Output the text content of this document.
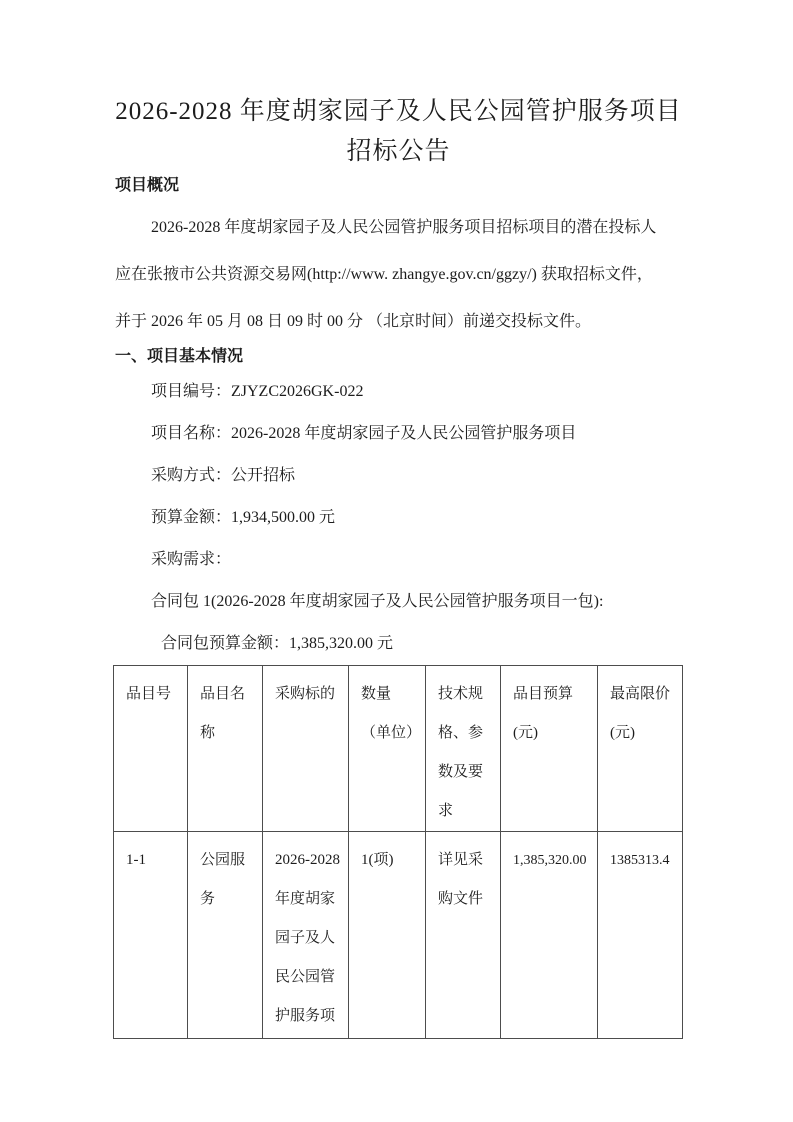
2026-2028 年度胡家园子及人民公园管护服务项目
招标公告
项目概况

2026-2028 年度胡家园子及人民公园管护服务项目招标项目的潜在投标人
应在张掖市公共资源交易网(http://www. zhangye.gov.cn/ggzy/) 获取招标文件，
并于 2026 年 05 月 08 日 09 时 00 分 （北京时间）前递交投标文件。

一、项目基本情况
项目编号：ZJYZC2026GK-022
项目名称：2026-2028 年度胡家园子及人民公园管护服务项目
采购方式：公开招标
预算金额：1,934,500.00 元
采购需求：
合同包 1(2026-2028 年度胡家园子及人民公园管护服务项目一包):
合同包预算金额：1,385,320.00 元
品目号	品目名称	采购标的	数量（单位）	技术规格、参数及要求	品目预算(元)	最高限价(元)
1-1	公园服务	2026-2028年度胡家园子及人民公园管护服务项	1(项)	详见采购文件	1,385,320.00	1385313.4
